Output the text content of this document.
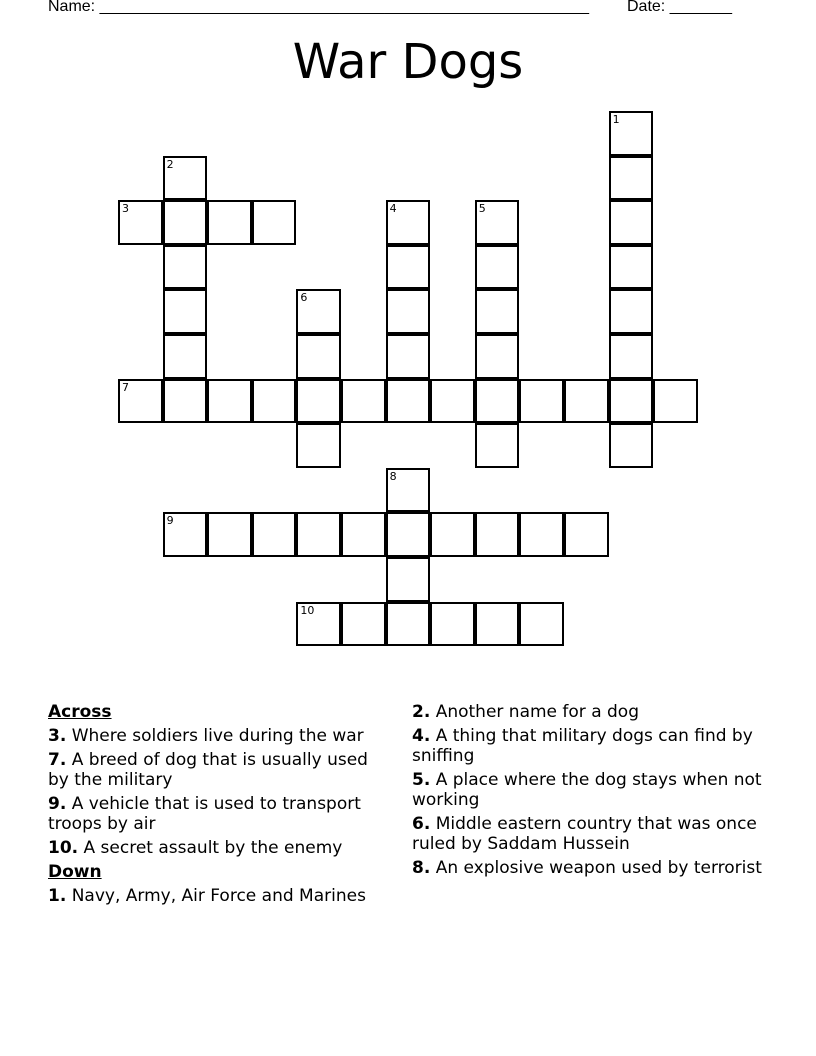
Name: _______________________________________________________ Date: _______
War Dogs
1
2
3	4	5
6
7
8
9
10
Across
3. Where soldiers live during the war
7. A breed of dog that is usually used by the military
9. A vehicle that is used to transport troops by air
10. A secret assault by the enemy
Down
1. Navy, Army, Air Force and Marines
2. Another name for a dog
4. A thing that military dogs can find by sniffing
5. A place where the dog stays when not working
6. Middle eastern country that was once ruled by Saddam Hussein
8. An explosive weapon used by terrorist
